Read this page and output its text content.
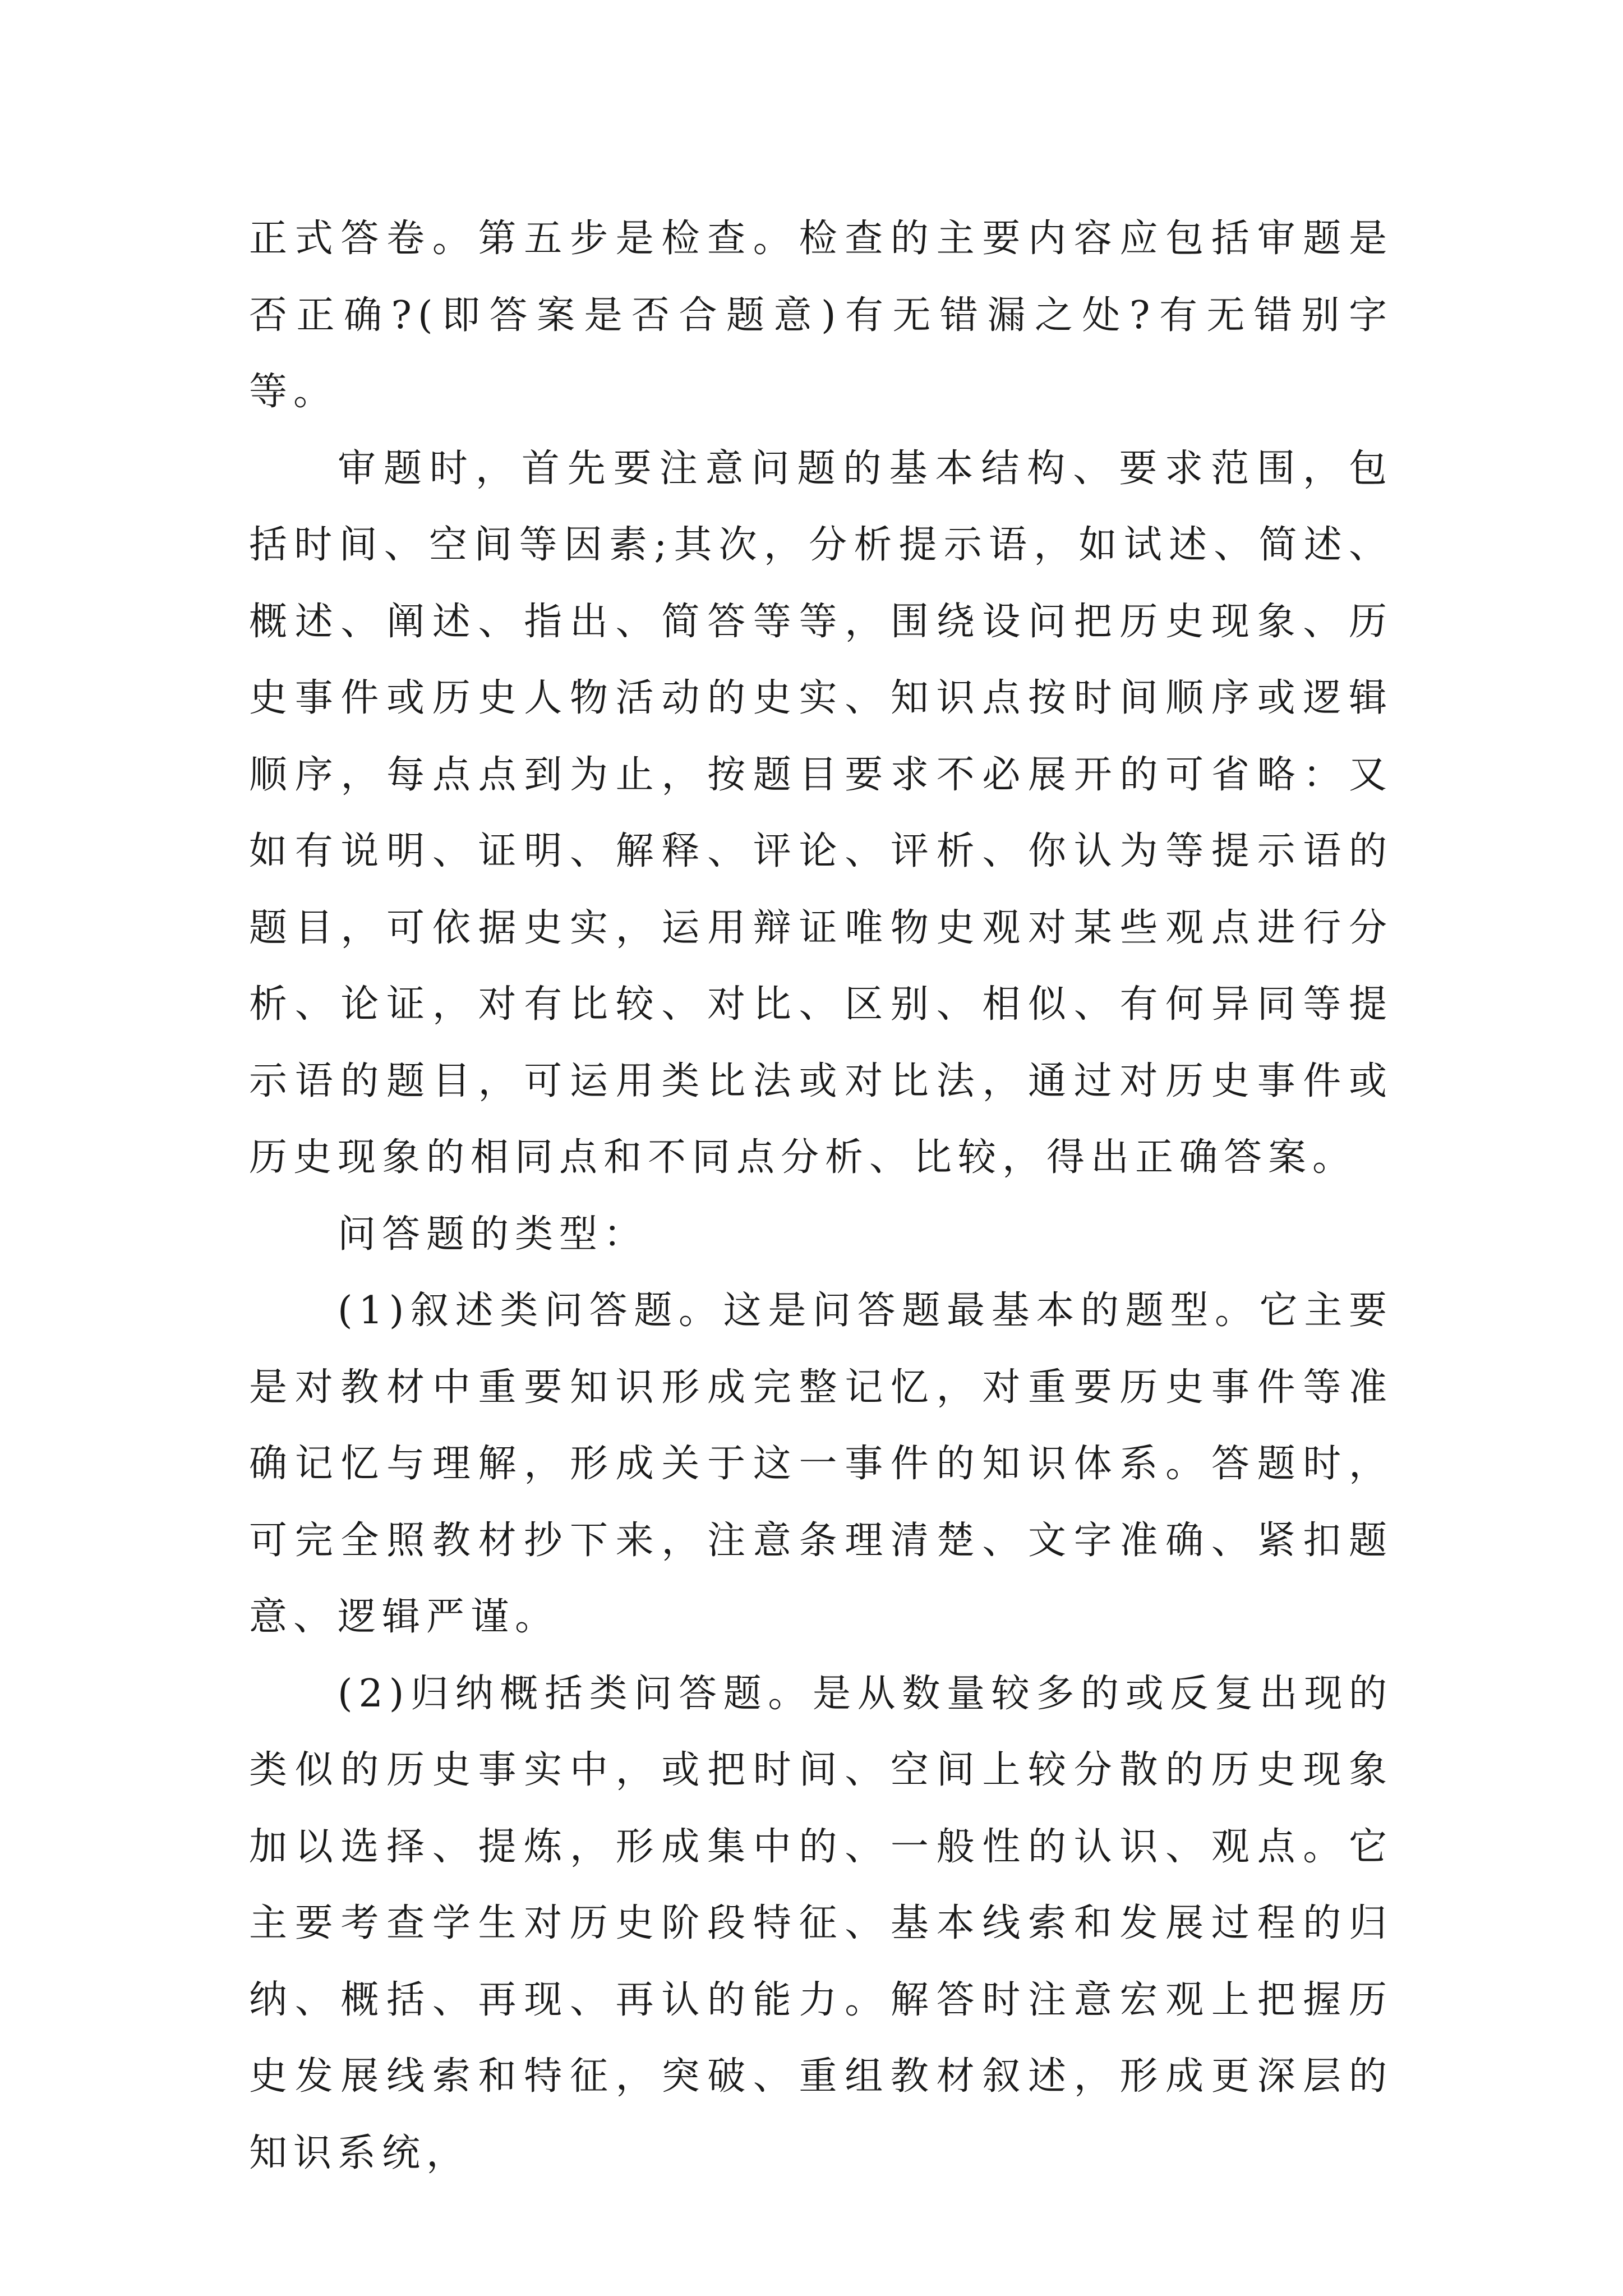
正式答卷。第五步是检查。检查的主要内容应包括审题是否正确?(即答案是否合题意)有无错漏之处?有无错别字等。

审题时，首先要注意问题的基本结构、要求范围，包括时间、空间等因素;其次，分析提示语，如试述、简述、概述、阐述、指出、简答等等，围绕设问把历史现象、历史事件或历史人物活动的史实、知识点按时间顺序或逻辑顺序，每点点到为止，按题目要求不必展开的可省略：又如有说明、证明、解释、评论、评析、你认为等提示语的题目，可依据史实，运用辩证唯物史观对某些观点进行分析、论证，对有比较、对比、区别、相似、有何异同等提示语的题目，可运用类比法或对比法，通过对历史事件或历史现象的相同点和不同点分析、比较，得出正确答案。

问答题的类型：

(1)叙述类问答题。这是问答题最基本的题型。它主要是对教材中重要知识形成完整记忆，对重要历史事件等准确记忆与理解，形成关于这一事件的知识体系。答题时，可完全照教材抄下来，注意条理清楚、文字准确、紧扣题意、逻辑严谨。

(2)归纳概括类问答题。是从数量较多的或反复出现的类似的历史事实中，或把时间、空间上较分散的历史现象加以选择、提炼，形成集中的、一般性的认识、观点。它主要考查学生对历史阶段特征、基本线索和发展过程的归纳、概括、再现、再认的能力。解答时注意宏观上把握历史发展线索和特征，突破、重组教材叙述，形成更深层的知识系统，
